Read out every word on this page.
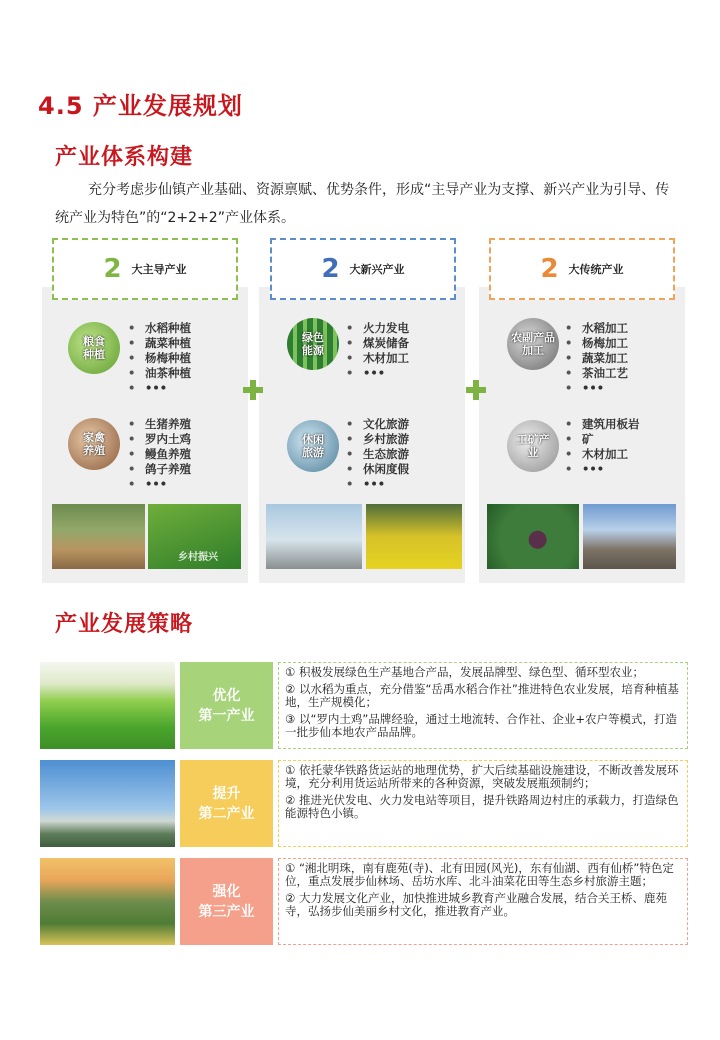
4.5 产业发展规划
产业体系构建
充分考虑步仙镇产业基础、资源禀赋、优势条件，形成“主导产业为支撑、新兴产业为引导、传统产业为特色”的“2+2+2”产业体系。
2 大主导产业	2 大新兴产业	2 大传统产业
粮食
种植
• 水稻种植
• 蔬菜种植
• 杨梅种植
• 油茶种植
• •••
家禽
养殖
• 生猪养殖
• 罗内土鸡
• 鳗鱼养殖
• 鸽子养殖
• •••
乡村振兴
绿色
能源
• 火力发电
• 煤炭储备
• 木材加工
• •••
休闲
旅游
• 文化旅游
• 乡村旅游
• 生态旅游
• 休闲度假
• •••
农副产品
加工
• 水稻加工
• 杨梅加工
• 蔬菜加工
• 茶油工艺
• •••
工矿产
业
• 建筑用板岩
• 矿
• 木材加工
• •••
产业发展策略
优化
第一产业

① 积极发展绿色生产基地合产品，发展品牌型、绿色型、循环型农业；

② 以水稻为重点，充分借鉴“岳禹水稻合作社”推进特色农业发展，培育种植基地，生产规模化；

③ 以“罗内土鸡”品牌经验，通过土地流转、合作社、企业+农户等模式，打造一批步仙本地农产品品牌。

提升
第二产业

① 依托蒙华铁路货运站的地理优势，扩大后续基础设施建设，不断改善发展环境，充分利用货运站所带来的各种资源，突破发展瓶颈制约；

② 推进光伏发电、火力发电站等项目，提升铁路周边村庄的承载力，打造绿色能源特色小镇。

强化
第三产业

① “湘北明珠，南有鹿苑(寺)、北有田园(风光)，东有仙湖、西有仙桥”特色定位，重点发展步仙林场、岳坊水库、北斗油菜花田等生态乡村旅游主题；

② 大力发展文化产业，加快推进城乡教育产业融合发展，结合关王桥、鹿苑寺，弘扬步仙美丽乡村文化，推进教育产业。
